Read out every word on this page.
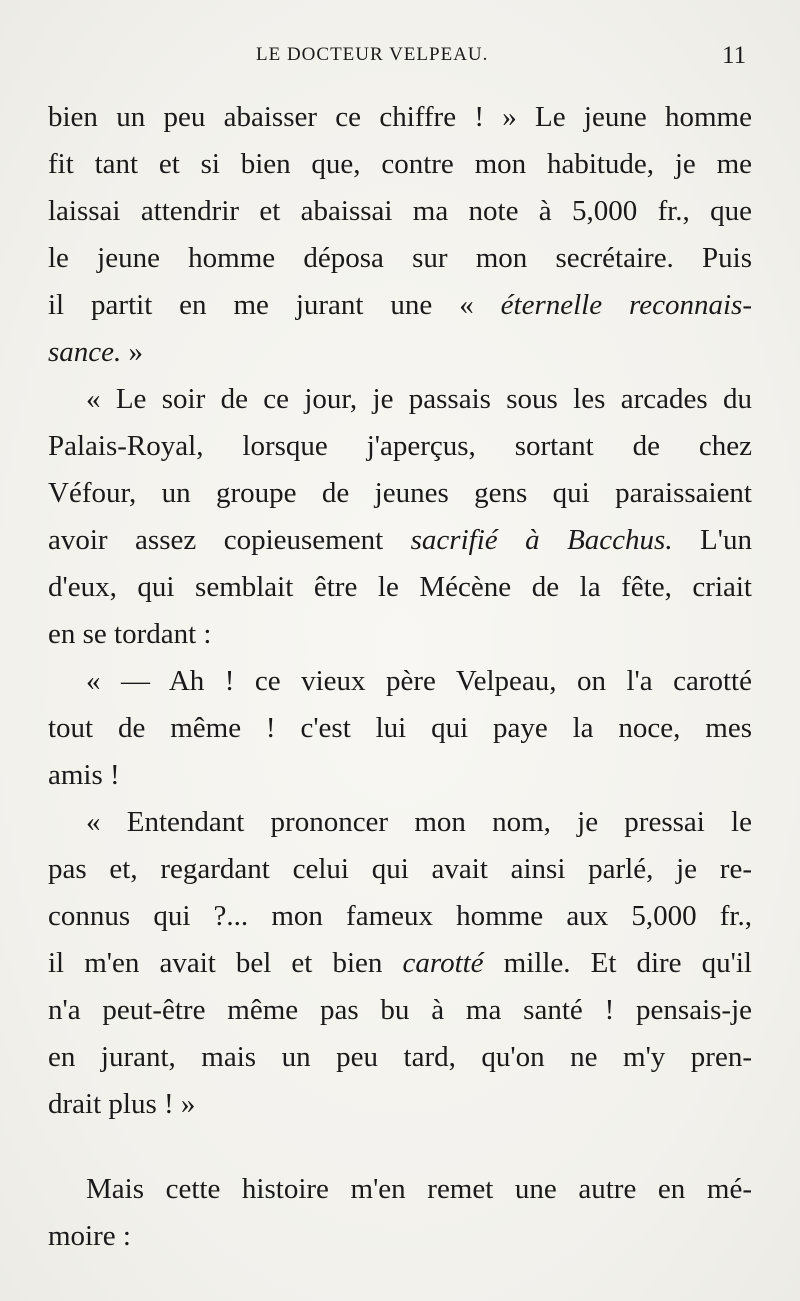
LE DOCTEUR VELPEAU.	11
bien un peu abaisser ce chiffre ! » Le jeune homme
fit tant et si bien que, contre mon habitude, je me
laissai attendrir et abaissai ma note à 5,000 fr., que
le jeune homme déposa sur mon secrétaire. Puis
il partit en me jurant une « éternelle reconnais-
sance. »
« Le soir de ce jour, je passais sous les arcades du
Palais-Royal, lorsque j'aperçus, sortant de chez
Véfour, un groupe de jeunes gens qui paraissaient
avoir assez copieusement sacrifié à Bacchus. L'un
d'eux, qui semblait être le Mécène de la fête, criait
en se tordant :
« — Ah ! ce vieux père Velpeau, on l'a carotté
tout de même ! c'est lui qui paye la noce, mes
amis !
« Entendant prononcer mon nom, je pressai le
pas et, regardant celui qui avait ainsi parlé, je re-
connus qui ?... mon fameux homme aux 5,000 fr.,
il m'en avait bel et bien carotté mille. Et dire qu'il
n'a peut-être même pas bu à ma santé ! pensais-je
en jurant, mais un peu tard, qu'on ne m'y pren-
drait plus ! »
Mais cette histoire m'en remet une autre en mé-
moire :
